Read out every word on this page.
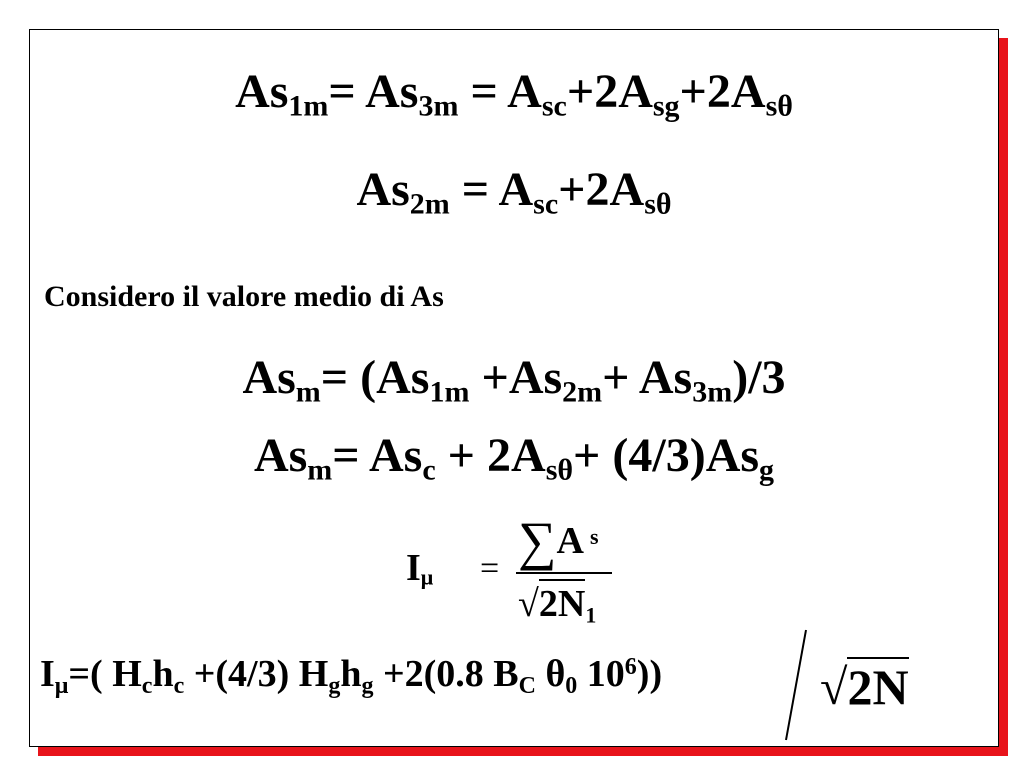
$As_{1m}= As_{3m} = A_{sc}+2A_{sg}+2A_{s\theta}$
$As_{2m} = A_{sc}+2A_{s\theta}$
Considero il valore medio di As
$As_m= (As_{1m} +As_{2m}+ As_{3m})/3$
$As_m= As_c + 2A_{s\theta}+ (4/3)As_g$
$I_\mu = \sum A$ $_s$
$√2N_1$
$I_\mu=$( $H_ch_c +(4/3)$ $H_gh_g +2(0.8$ $B_C$ $\theta_0$ $10^6$))	√2N
